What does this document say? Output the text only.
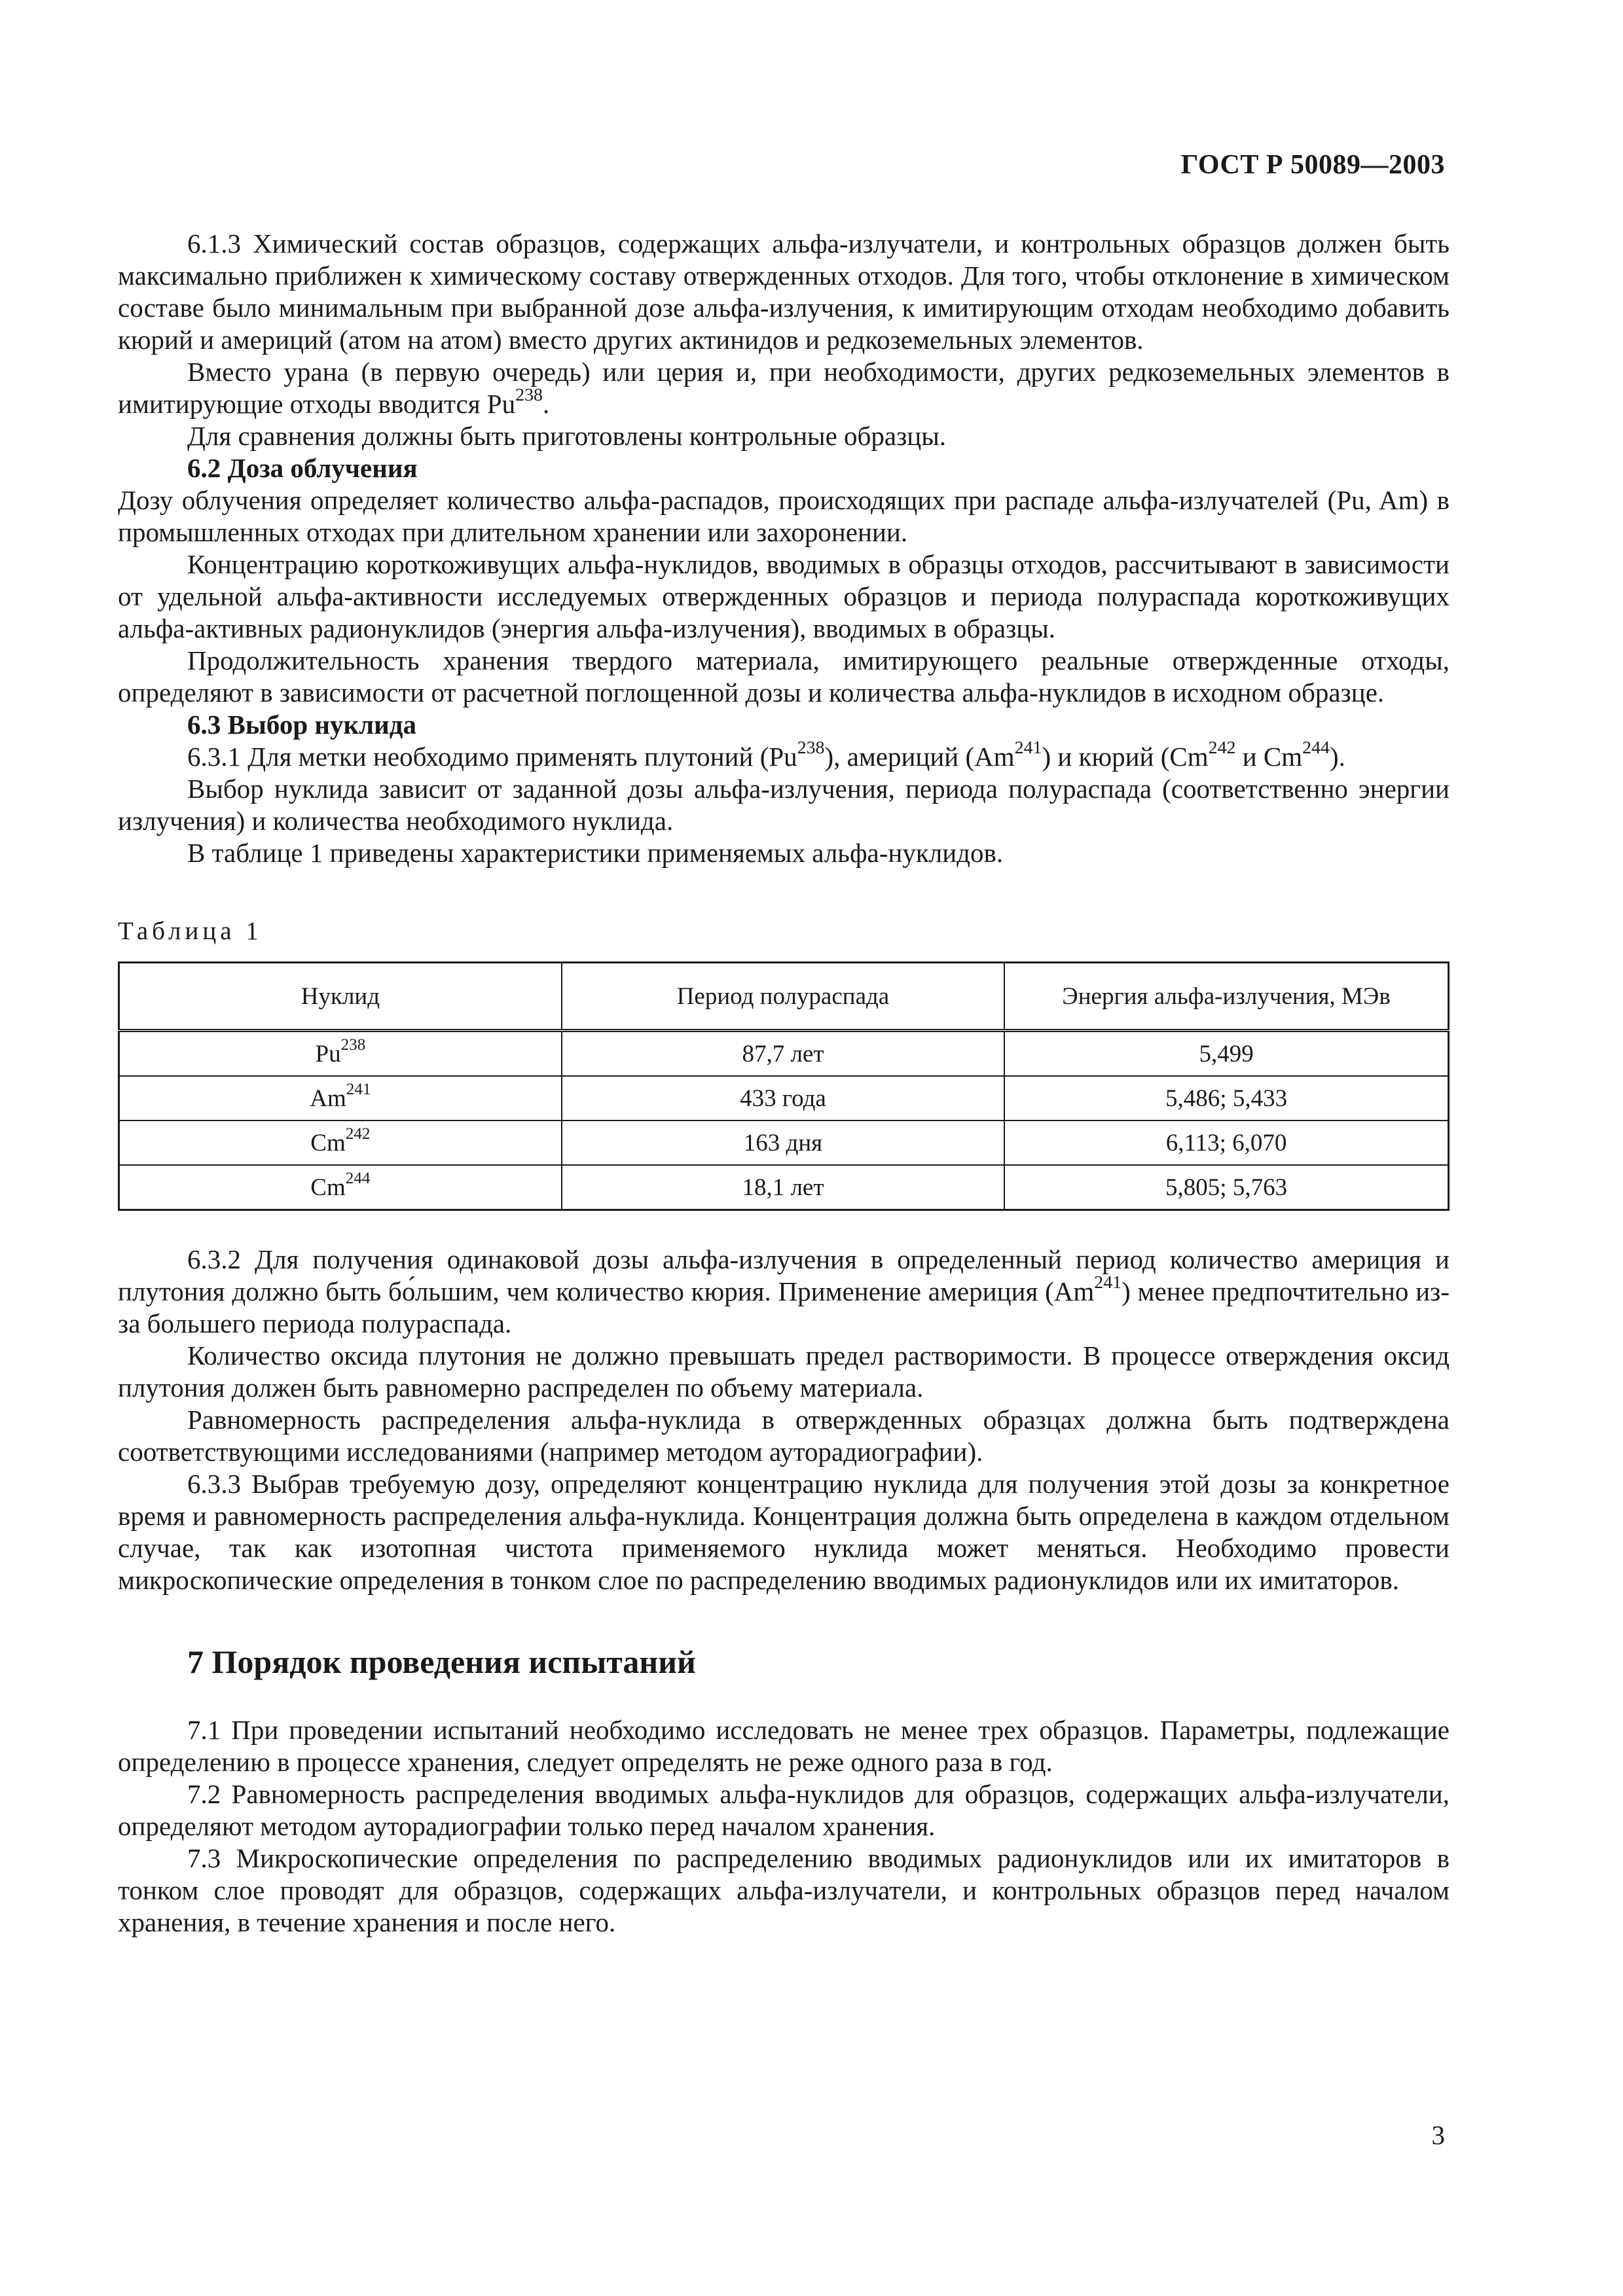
ГОСТ Р 50089—2003

6.1.3 Химический состав образцов, содержащих альфа-излучатели, и контрольных образцов должен быть максимально приближен к химическому составу отвержденных отходов. Для того, чтобы отклонение в химическом составе было минимальным при выбранной дозе альфа-излучения, к имитирующим отходам необходимо добавить кюрий и америций (атом на атом) вместо других актинидов и редкоземельных элементов.

Вместо урана (в первую очередь) или церия и, при необходимости, других редкоземельных элементов в имитирующие отходы вводится Pu$^{238}$.

Для сравнения должны быть приготовлены контрольные образцы.

6.2 Доза облучения

Дозу облучения определяет количество альфа-распадов, происходящих при распаде альфа-излучателей (Pu, Am) в промышленных отходах при длительном хранении или захоронении.

Концентрацию короткоживущих альфа-нуклидов, вводимых в образцы отходов, рассчитывают в зависимости от удельной альфа-активности исследуемых отвержденных образцов и периода полураспада короткоживущих альфа-активных радионуклидов (энергия альфа-излучения), вводимых в образцы.

Продолжительность хранения твердого материала, имитирующего реальные отвержденные отходы, определяют в зависимости от расчетной поглощенной дозы и количества альфа-нуклидов в исходном образце.

6.3 Выбор нуклида

6.3.1 Для метки необходимо применять плутоний (Pu$^{238}$), америций (Am$^{241}$) и кюрий (Cm$^{242}$ и Cm$^{244}$).

Выбор нуклида зависит от заданной дозы альфа-излучения, периода полураспада (соответственно энергии излучения) и количества необходимого нуклида.

В таблице 1 приведены характеристики применяемых альфа-нуклидов.

Таблица 1
Нуклид	Период полураспада	Энергия альфа-излучения, МЭв
Pu$^{238}$	87,7 лет	5,499
Am$^{241}$	433 года	5,486; 5,433
Cm$^{242}$	163 дня	6,113; 6,070
Cm$^{244}$	18,1 лет	5,805; 5,763

6.3.2 Для получения одинаковой дозы альфа-излучения в определенный период количество америция и плутония должно быть бо́льшим, чем количество кюрия. Применение америция (Am$^{241}$) менее предпочтительно из-за большего периода полураспада.

Количество оксида плутония не должно превышать предел растворимости. В процессе отверждения оксид плутония должен быть равномерно распределен по объему материала.

Равномерность распределения альфа-нуклида в отвержденных образцах должна быть подтверждена соответствующими исследованиями (например методом ауторадиографии).

6.3.3 Выбрав требуемую дозу, определяют концентрацию нуклида для получения этой дозы за конкретное время и равномерность распределения альфа-нуклида. Концентрация должна быть определена в каждом отдельном случае, так как изотопная чистота применяемого нуклида может меняться. Необходимо провести микроскопические определения в тонком слое по распределению вводимых радионуклидов или их имитаторов.

7 Порядок проведения испытаний

7.1 При проведении испытаний необходимо исследовать не менее трех образцов. Параметры, подлежащие определению в процессе хранения, следует определять не реже одного раза в год.

7.2 Равномерность распределения вводимых альфа-нуклидов для образцов, содержащих альфа-излучатели, определяют методом ауторадиографии только перед началом хранения.

7.3 Микроскопические определения по распределению вводимых радионуклидов или их имитаторов в тонком слое проводят для образцов, содержащих альфа-излучатели, и контрольных образцов перед началом хранения, в течение хранения и после него.

3
